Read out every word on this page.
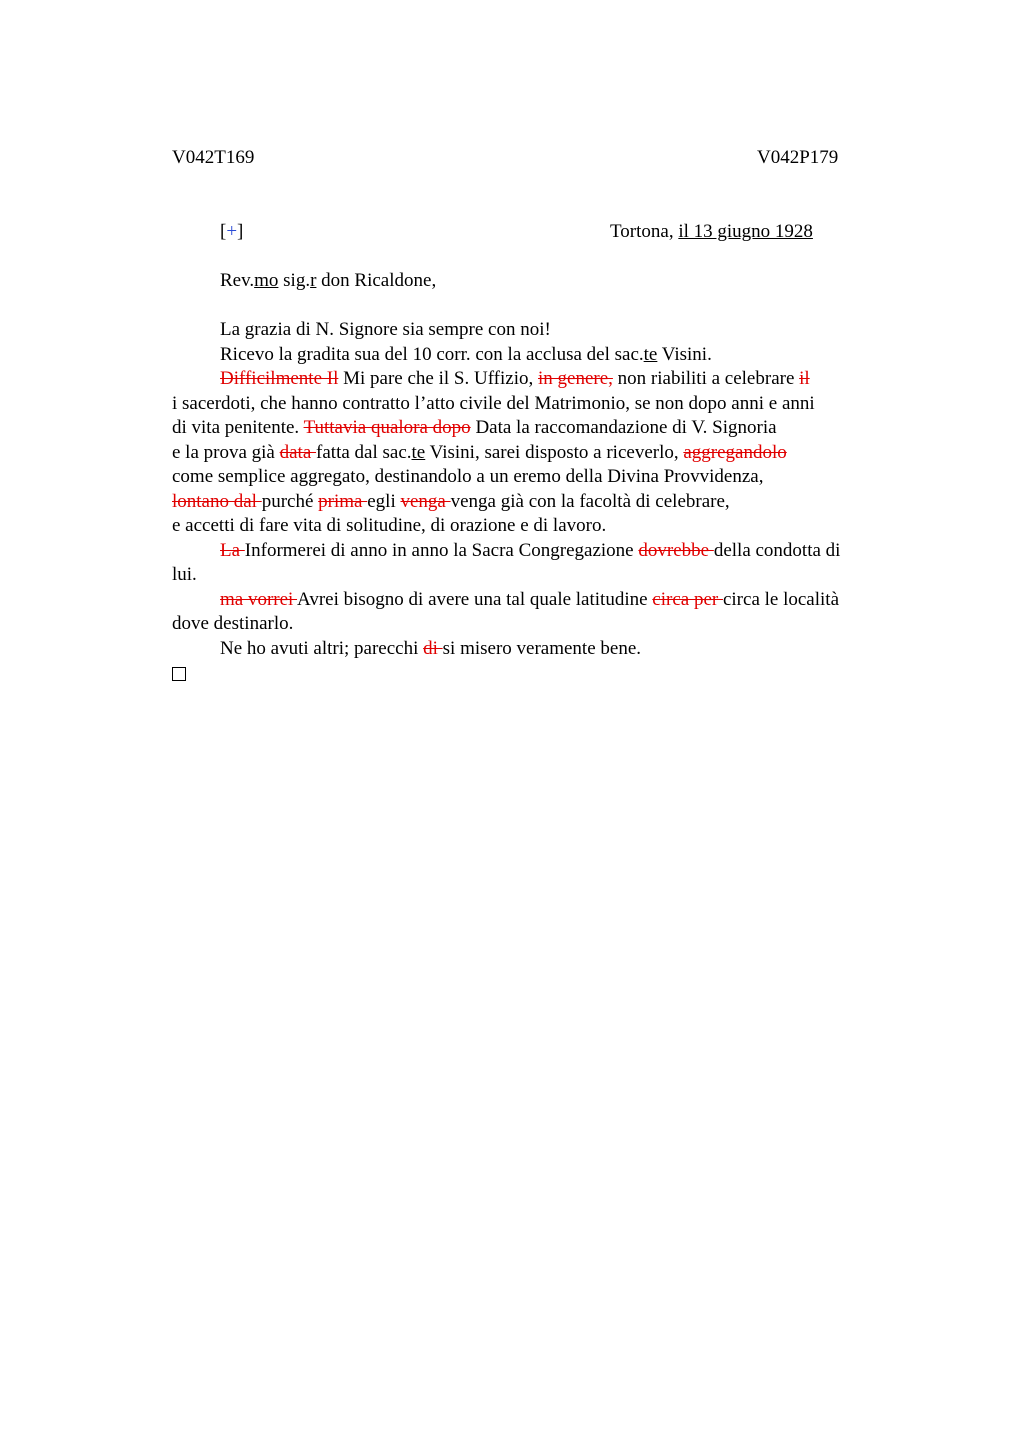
V042T169	V042P179
[+]	Tortona, il 13 giugno 1928
Rev.mo sig.r don Ricaldone,
La grazia di N. Signore sia sempre con noi!
Ricevo la gradita sua del 10 corr. con la acclusa del sac.te Visini.
Difficilmente Il Mi pare che il S. Uffizio, in genere, non riabiliti a celebrare il
i sacerdoti, che hanno contratto l’atto civile del Matrimonio, se non dopo anni e anni
di vita penitente. Tuttavia qualora dopo Data la raccomandazione di V. Signoria
e la prova già data fatta dal sac.te Visini, sarei disposto a riceverlo, aggregandolo
come semplice aggregato, destinandolo a un eremo della Divina Provvidenza,
lontano dal purché prima egli venga venga già con la facoltà di celebrare,
e accetti di fare vita di solitudine, di orazione e di lavoro.
La Informerei di anno in anno la Sacra Congregazione dovrebbe della condotta di
lui.
ma vorrei Avrei bisogno di avere una tal quale latitudine circa per circa le località
dove destinarlo.
Ne ho avuti altri; parecchi di si misero veramente bene.
